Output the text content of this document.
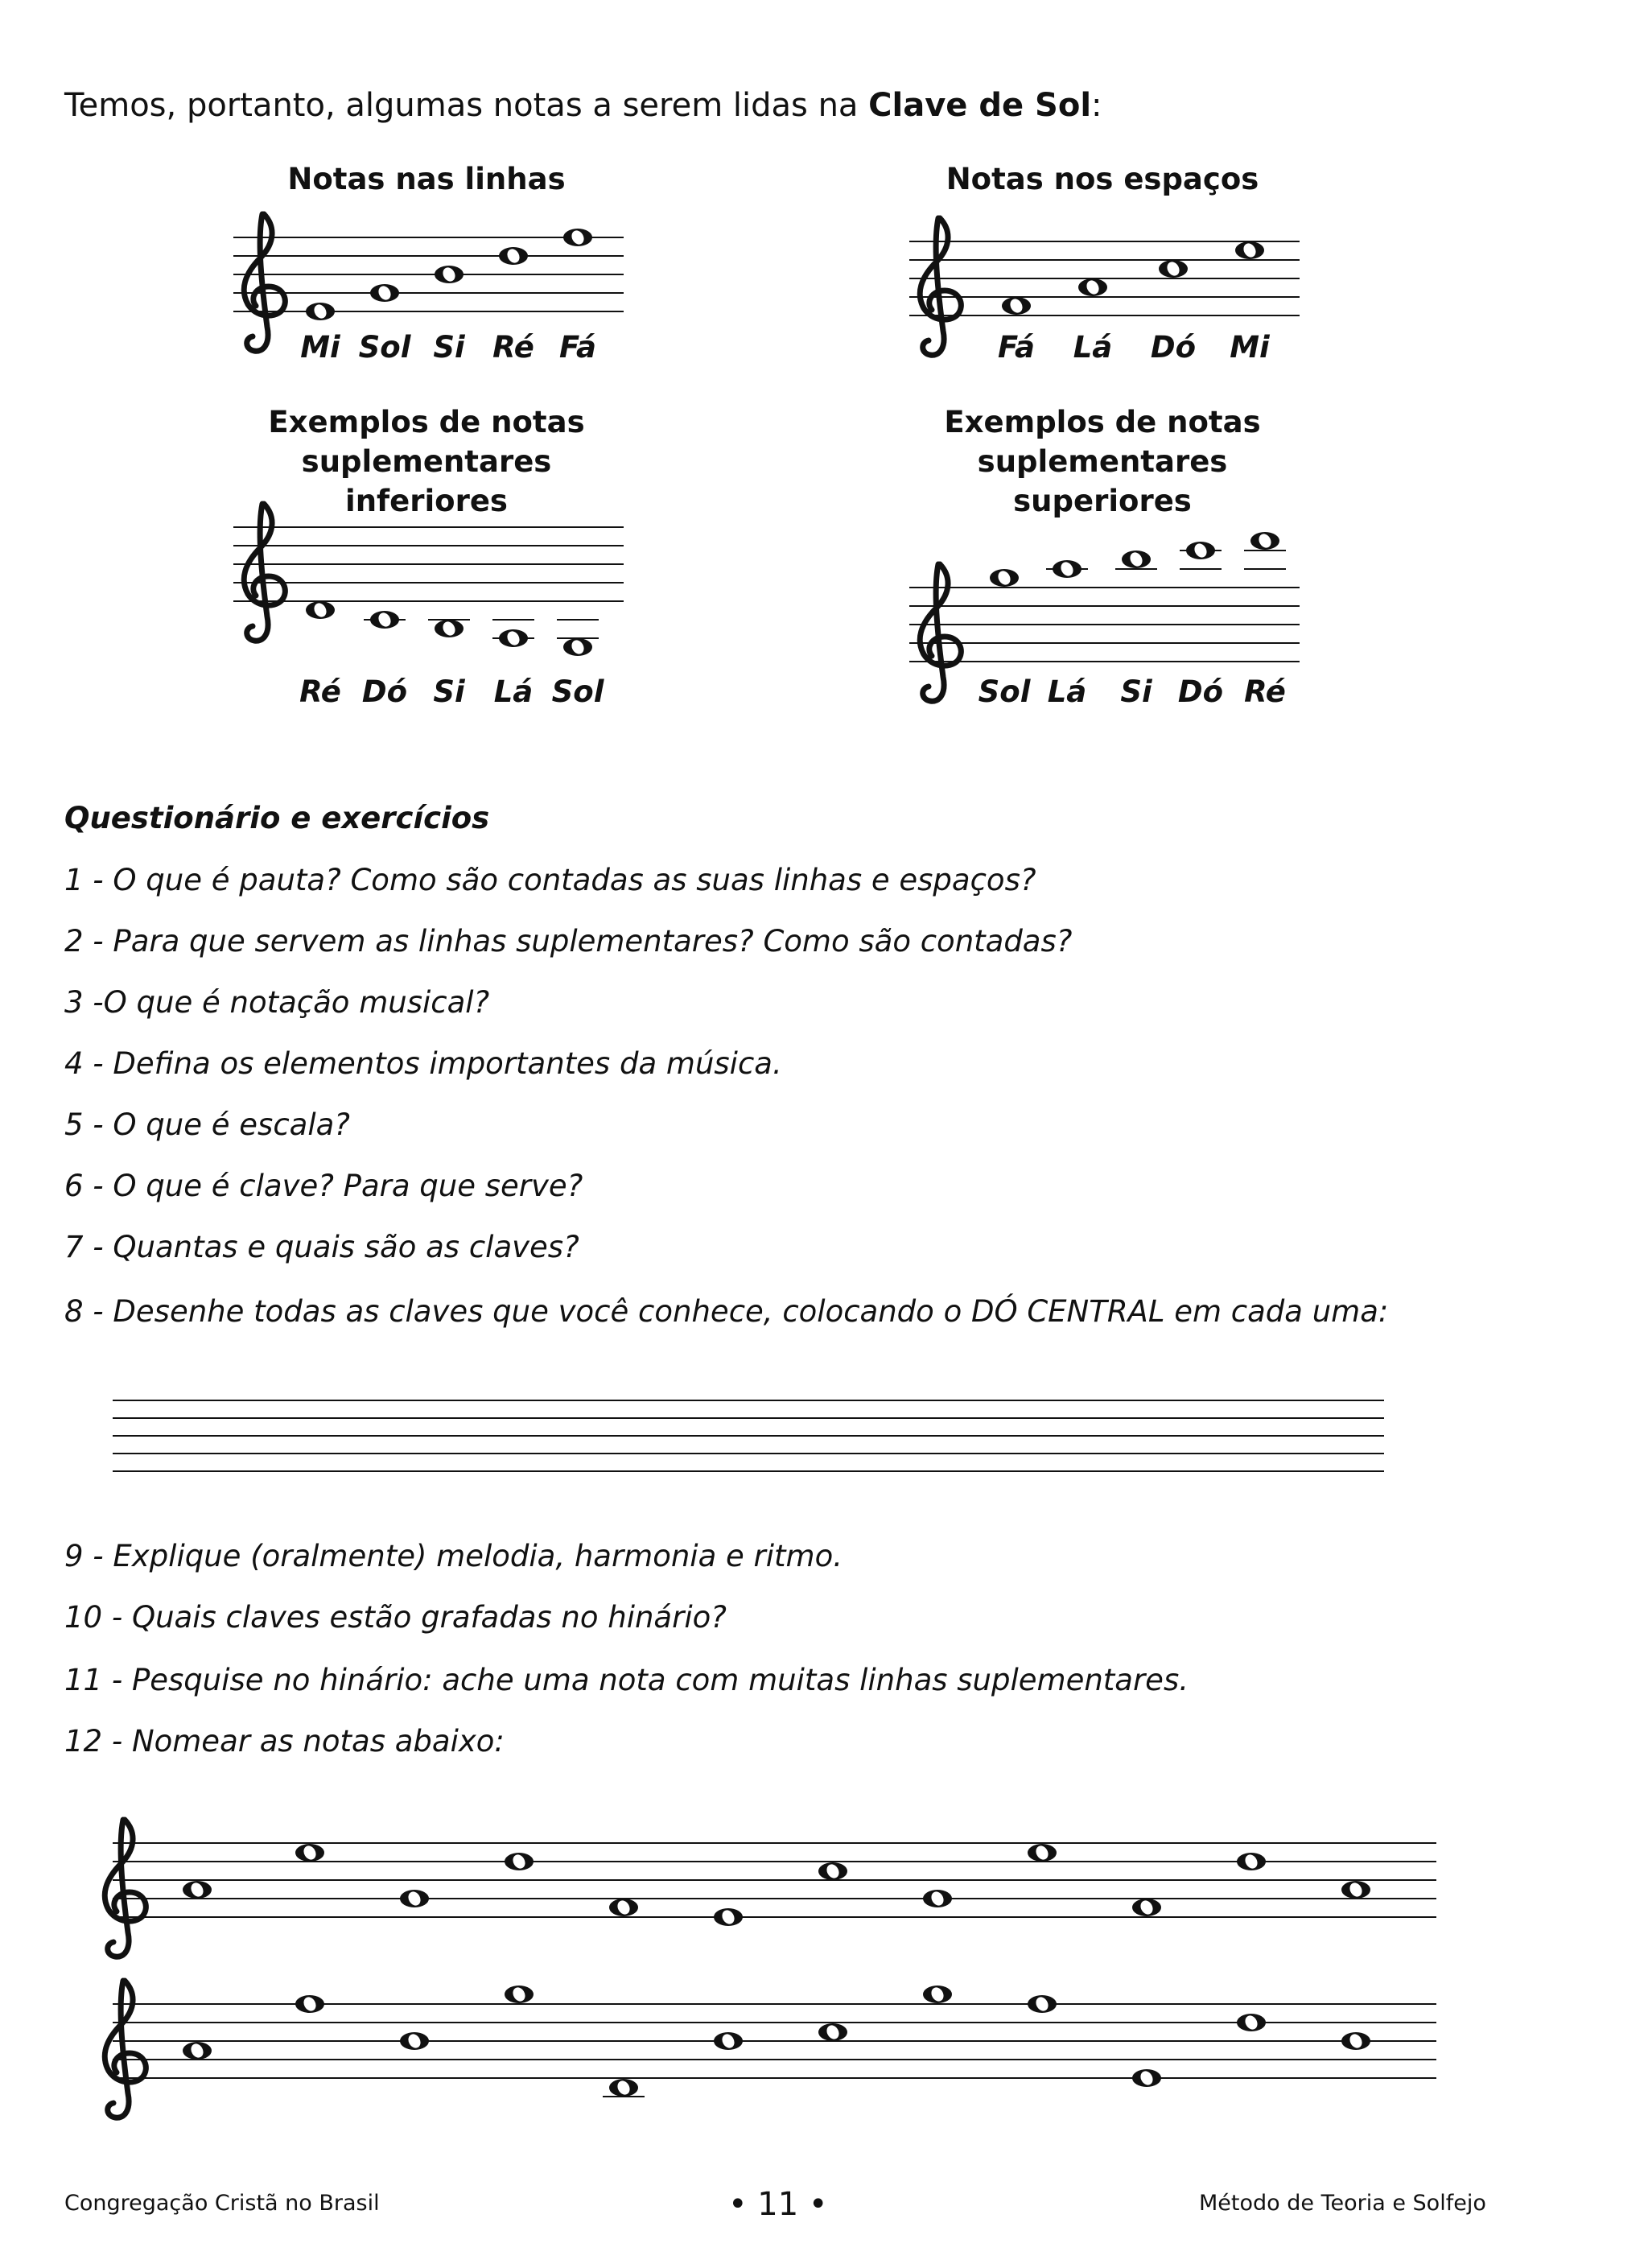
Temos, portanto, algumas notas a serem lidas na Clave de Sol:
Notas nas linhas	Notas nos espaços
Exemplos de notas
suplementares inferiores
Exemplos de notas
suplementares superiores
Mi Sol Si Ré Fá	Fá	Lá	Dó	Mi
Ré Dó Si Lá Sol	Sol Lá	Si Dó Ré
Questionário e exercícios
1 - O que é pauta? Como são contadas as suas linhas e espaços?
2 - Para que servem as linhas suplementares? Como são contadas?
3 -O que é notação musical?
4 - Defina os elementos importantes da música.
5 - O que é escala?
6 - O que é clave? Para que serve?
7 - Quantas e quais são as claves?
8 - Desenhe todas as claves que você conhece, colocando o DÓ CENTRAL em cada uma:
9 - Explique (oralmente) melodia, harmonia e ritmo.
10 - Quais claves estão grafadas no hinário?
11 - Pesquise no hinário: ache uma nota com muitas linhas suplementares.
12 - Nomear as notas abaixo:
Congregação Cristã no Brasil	• 11 •	Método de Teoria e Solfejo
